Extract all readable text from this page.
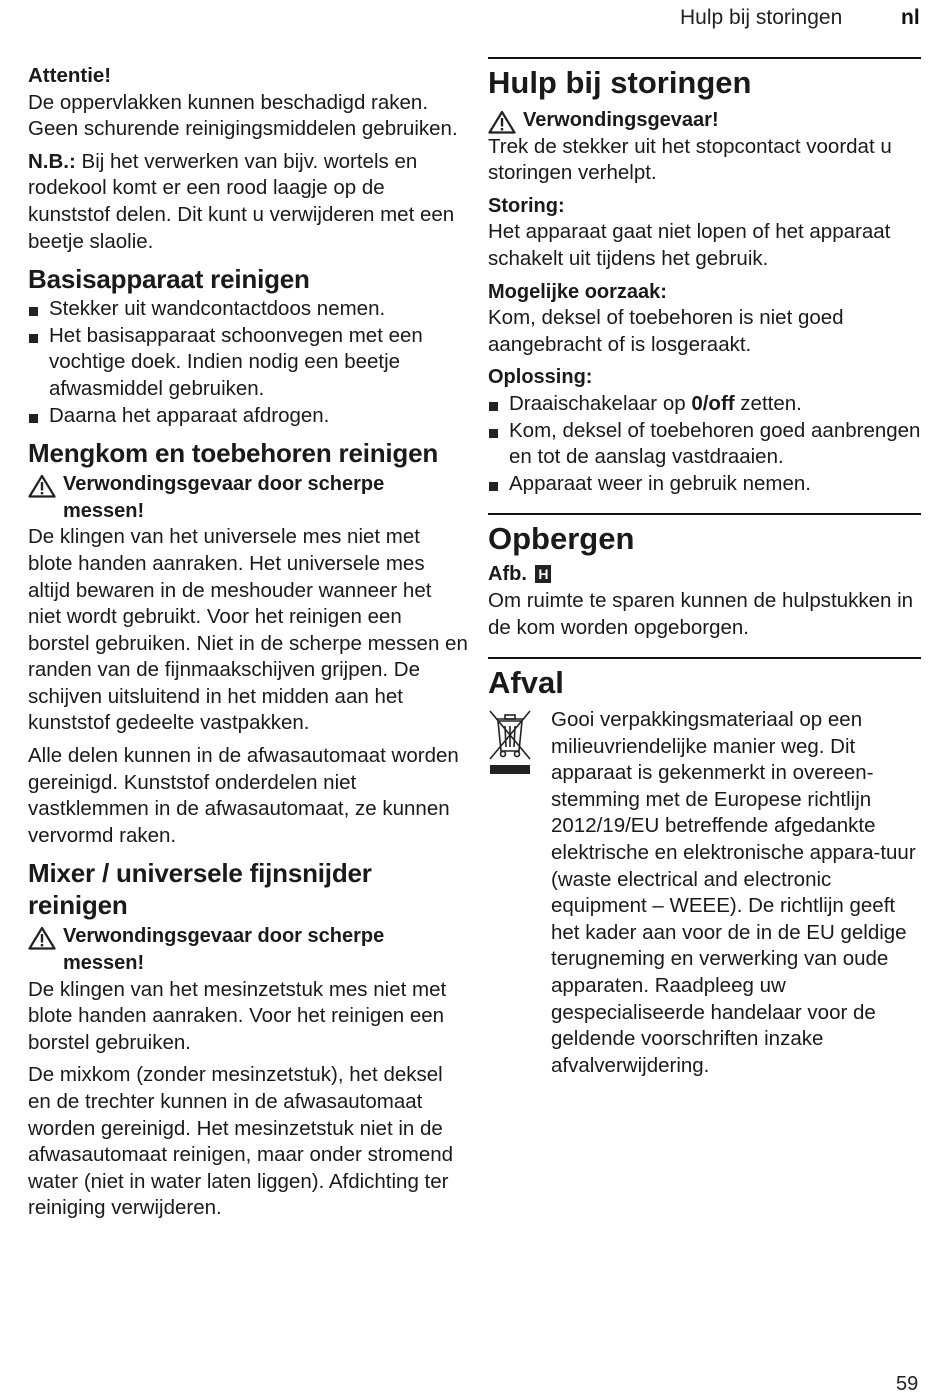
Hulp bij storingen	nl

Attentie!

De oppervlakken kunnen beschadigd raken. Geen schurende reinigingsmiddelen gebruiken.

N.B.: Bij het verwerken van bijv. wortels en rodekool komt er een rood laagje op de kunststof delen. Dit kunt u verwijderen met een beetje slaolie.

Basisapparaat reinigen
Stekker uit wandcontactdoos nemen.
Het basisapparaat schoonvegen met een vochtige doek. Indien nodig een beetje afwasmiddel gebruiken.
Daarna het apparaat afdrogen.
Mengkom en toebehoren reinigen
Verwondingsgevaar door scherpe messen!

De klingen van het universele mes niet met blote handen aanraken. Het universele mes altijd bewaren in de meshouder wanneer het niet wordt gebruikt. Voor het reinigen een borstel gebruiken. Niet in de scherpe messen en randen van de fijnmaakschijven grijpen. De schijven uitsluitend in het midden aan het kunststof gedeelte vastpakken.

Alle delen kunnen in de afwasautomaat worden gereinigd. Kunststof onderdelen niet vastklemmen in de afwasautomaat, ze kunnen vervormd raken.

Mixer / universele fijnsnijder reinigen
Verwondingsgevaar door scherpe messen!

De klingen van het mesinzetstuk mes niet met blote handen aanraken. Voor het reinigen een borstel gebruiken.

De mixkom (zonder mesinzetstuk), het deksel en de trechter kunnen in de afwasautomaat worden gereinigd. Het mesinzetstuk niet in de afwasautomaat reinigen, maar onder stromend water (niet in water laten liggen). Afdichting ter reiniging verwijderen.

Hulp bij storingen
Verwondingsgevaar!

Trek de stekker uit het stopcontact voordat u storingen verhelpt.

Storing:

Het apparaat gaat niet lopen of het apparaat schakelt uit tijdens het gebruik.

Mogelijke oorzaak:

Kom, deksel of toebehoren is niet goed aangebracht of is losgeraakt.

Oplossing:
Draaischakelaar op 0/off zetten.
Kom, deksel of toebehoren goed aanbrengen en tot de aanslag vastdraaien.
Apparaat weer in gebruik nemen.
Opbergen
Afb. H

Om ruimte te sparen kunnen de hulpstukken in de kom worden opgeborgen.

Afval

Gooi verpakkingsmateriaal op een milieuvriendelijke manier weg. Dit apparaat is gekenmerkt in overeen-stemming met de Europese richtlijn 2012/19/EU betreffende afgedankte elektrische en elektronische appara-tuur (waste electrical and electronic equipment – WEEE). De richtlijn geeft het kader aan voor de in de EU geldige terugneming en verwerking van oude apparaten. Raadpleeg uw gespecialiseerde handelaar voor de geldende voorschriften inzake afvalverwijdering.

59
